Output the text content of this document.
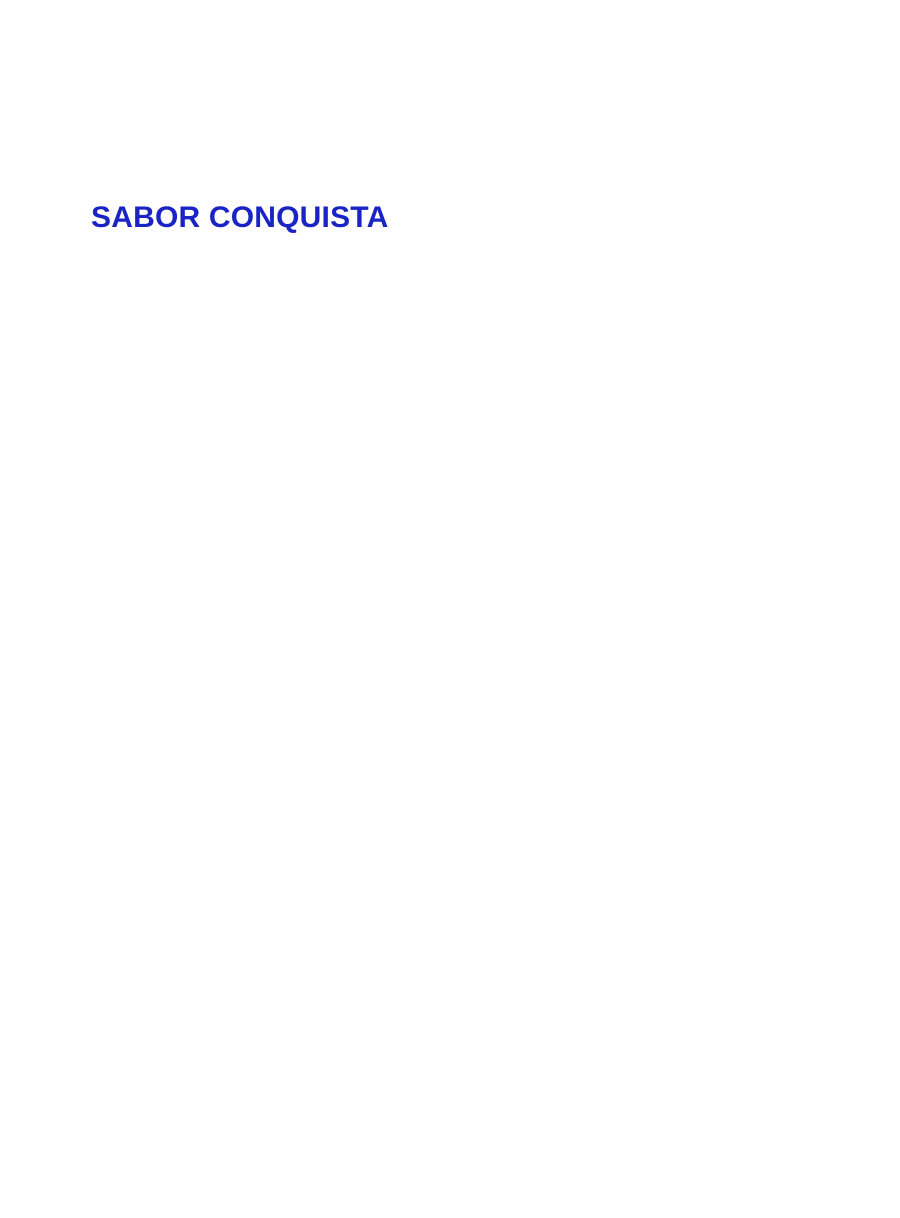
SABOR CONQUISTA
